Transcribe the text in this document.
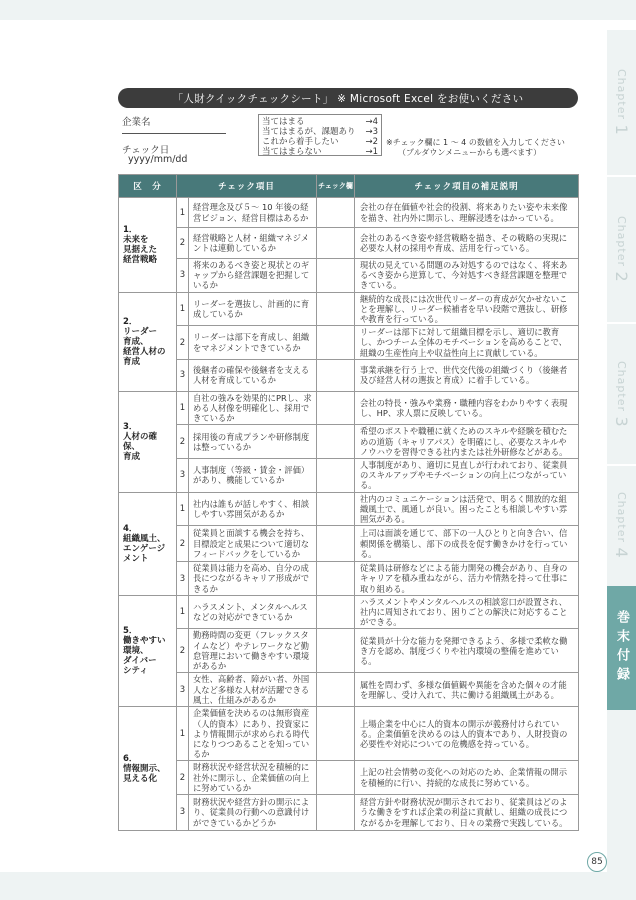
Chapter 1
Chapter 2
Chapter 3
Chapter 4
巻末付録
「人財クイックチェックシート」 ※ Microsoft Excel をお使いください
企業名
チェック日
yyyy/mm/dd
当てはまる	→4
当てはまるが、課題あり →3
これから着手したい	→2
当てはまらない	→1
※チェック欄に 1 ～ 4 の数値を入力してください
（プルダウンメニューからも選べます）
区　分	チェック項目		チェック欄	チェック項目の補足説明
1．
未来を
見据えた
経営戦略	1	経営理念及び５～ 10 年後の経営ビジョン、経営目標はあるか		会社の存在価値や社会的役割、将来ありたい姿や未来像を描き、社内外に開示し、理解浸透をはかっている。
	2	経営戦略と人材・組織マネジメントは連動しているか		会社のあるべき姿や経営戦略を描き、その戦略の実現に必要な人材の採用や育成、活用を行っている。
	3	将来のあるべき姿と現状とのギャップから経営課題を把握しているか		現状の見えている問題のみ対処するのではなく、将来あるべき姿から逆算して、今対処すべき経営課題を整理できている。
2．
リーダー
育成、
経営人材の
育成	1	リーダーを選抜し、計画的に育成しているか		継続的な成長には次世代リーダーの育成が欠かせないことを理解し、リーダー候補者を早い段階で選抜し、研修や教育を行っている。
	2	リーダーは部下を育成し、組織をマネジメントできているか		リーダーは部下に対して組織目標を示し、適切に教育し、かつチーム全体のモチベーションを高めることで、組織の生産性向上や収益性向上に貢献している。
	3	後継者の確保や後継者を支える人材を育成しているか		事業承継を行う上で、世代交代後の組織づくり（後継者及び経営人材の選抜と育成）に着手している。
3．
人材の確保、
育成	1	自社の強みを効果的にPRし、求める人材像を明確化し、採用できているか		会社の特長・強みや業務・職種内容をわかりやすく表現し、HP、求人票に反映している。
	2	採用後の育成プランや研修制度は整っているか		希望のポストや職種に就くためのスキルや経験を積むための道筋（キャリアパス）を明確にし、必要なスキルやノウハウを習得できる社内または社外研修などがある。
	3	人事制度（等級・賃金・評価）があり、機能しているか		人事制度があり、適切に見直しが行われており、従業員のスキルアップやモチベーションの向上につながっている。
4．
組織風土、
エンゲージ
メント	1	社内は誰もが話しやすく、相談しやすい雰囲気があるか		社内のコミュニケーションは活発で、明るく開放的な組織風土で、風通しが良い。困ったことも相談しやすい雰囲気がある。
	2	従業員と面談する機会を持ち、目標設定と成果について適切なフィードバックをしているか		上司は面談を通じて、部下の一人ひとりと向き合い、信頼関係を構築し、部下の成長を促す働きかけを行っている。
	3	従業員は能力を高め、自分の成長につながるキャリア形成ができるか		従業員は研修などによる能力開発の機会があり、自身のキャリアを積み重ねながら、活力や情熱を持って仕事に取り組める。
5．
働きやすい
環境、
ダイバー
シティ	1	ハラスメント、メンタルヘルスなどの対応ができているか		ハラスメントやメンタルヘルスの相談窓口が設置され、社内に周知されており、困りごとの解決に対応することができる。
	2	勤務時間の変更（フレックスタイムなど）やテレワークなど勤怠管理において働きやすい環境があるか		従業員が十分な能力を発揮できるよう、多様で柔軟な働き方を認め、制度づくりや社内環境の整備を進めている。
	3	女性、高齢者、障がい者、外国人など多様な人材が活躍できる風土、仕組みがあるか		属性を問わず、多様な価値観や異能を含めた個々の才能を理解し、受け入れて、共に働ける組織風土がある。
6．
情報開示、
見える化	1	企業価値を決めるのは無形資産（人的資本）にあり、投資家により情報開示が求められる時代になりつつあることを知っているか		上場企業を中心に人的資本の開示が義務付けられている。企業価値を決めるのは人的資本であり、人財投資の必要性や対応についての危機感を持っている。
	2	財務状況や経営状況を積極的に社外に開示し、企業価値の向上に努めているか		上記の社会情勢の変化への対応のため、企業情報の開示を積極的に行い、持続的な成長に努めている。
	3	財務状況や経営方針の開示により、従業員の行動への意識付けができているかどうか		経営方針や財務状況が開示されており、従業員はどのような働きをすれば企業の利益に貢献し、組織の成長につながるかを理解しており、日々の業務で実践している。
85
